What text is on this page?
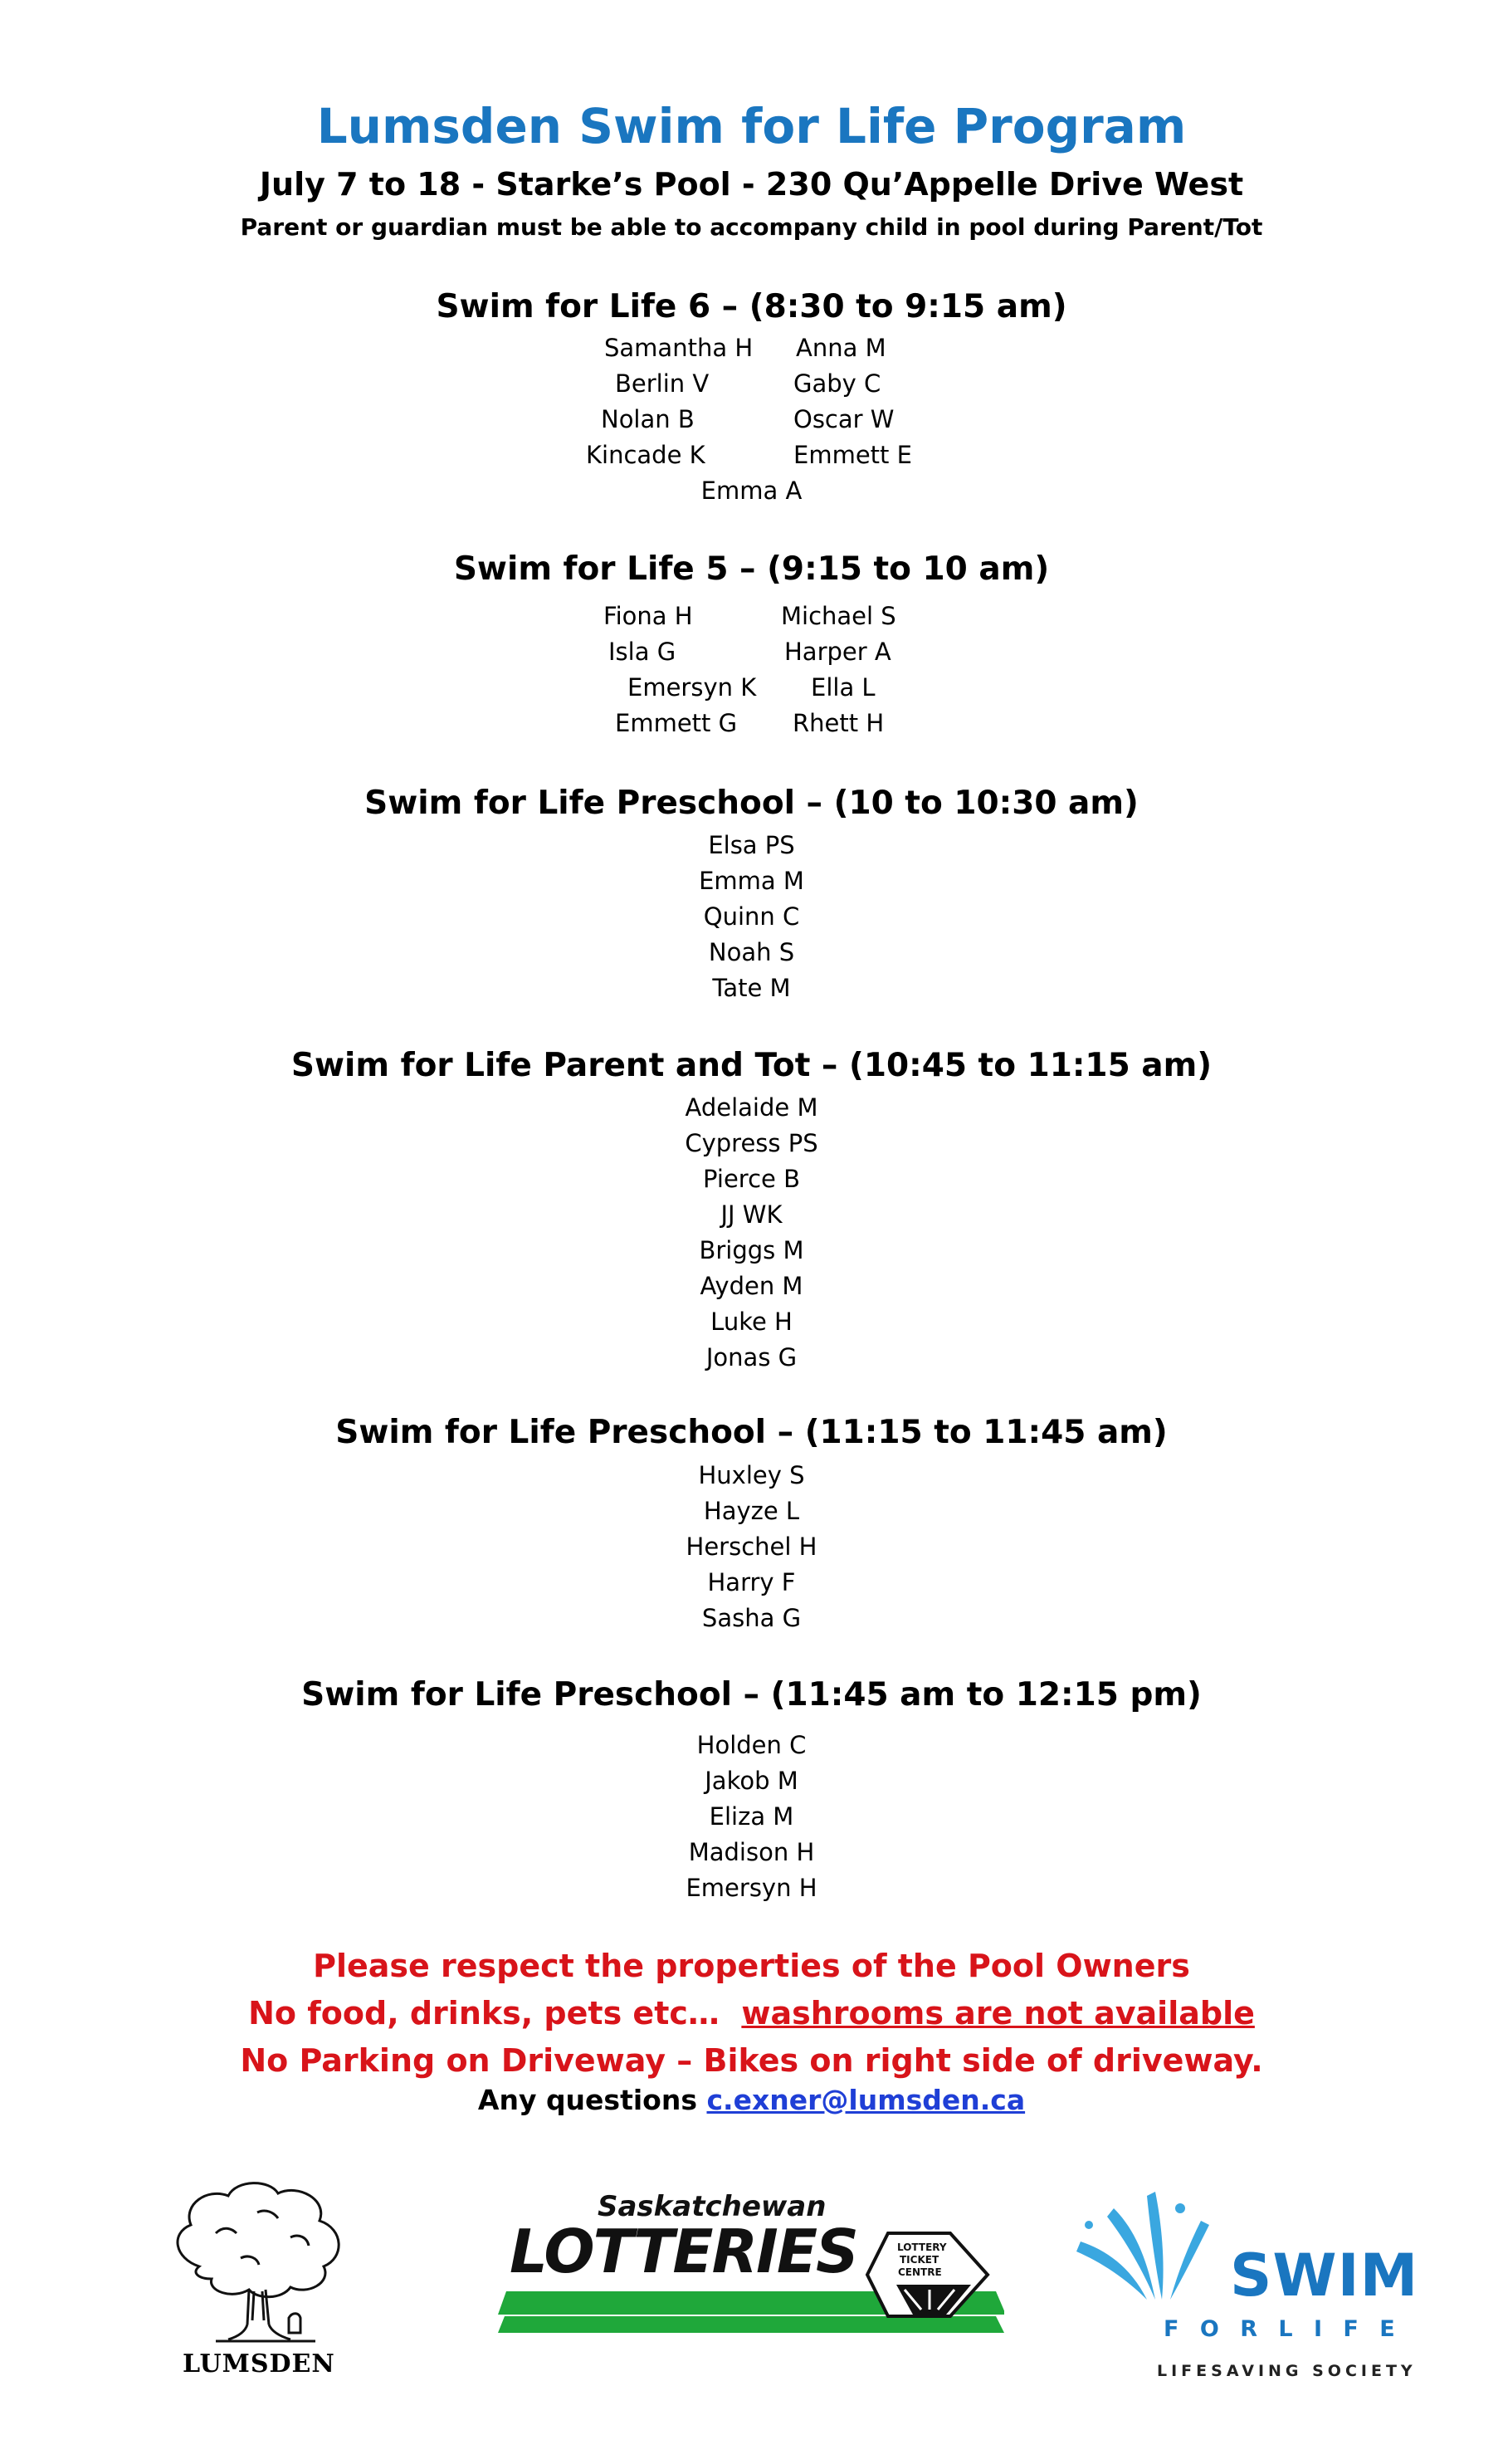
Lumsden Swim for Life Program
July 7 to 18 - Starke’s Pool - 230 Qu’Appelle Drive West
Parent or guardian must be able to accompany child in pool during Parent/Tot
Swim for Life 6 – (8:30 to 9:15 am)
Samantha H
Berlin V
Nolan B
Kincade K
Anna M
Gaby C
Oscar W
Emmett E
Emma A
Swim for Life 5 – (9:15 to 10 am)
Fiona H
Isla G
Emersyn K
Emmett G
Michael S
Harper A
Ella L
Rhett H
Swim for Life Preschool – (10 to 10:30 am)
Elsa PS
Emma M
Quinn C
Noah S
Tate M
Swim for Life Parent and Tot – (10:45 to 11:15 am)
Adelaide M
Cypress PS
Pierce B
JJ WK
Briggs M
Ayden M
Luke H
Jonas G
Swim for Life Preschool – (11:15 to 11:45 am)
Huxley S
Hayze L
Herschel H
Harry F
Sasha G
Swim for Life Preschool – (11:45 am to 12:15 pm)
Holden C
Jakob M
Eliza M
Madison H
Emersyn H
Please respect the properties of the Pool Owners
No food, drinks, pets etc… washrooms are not available
No Parking on Driveway – Bikes on right side of driveway.
Any questions c.exner@lumsden.ca
LUMSDEN
Saskatchewan
LOTTERIES	LOTTERY
TICKET
CENTRE	SWIM
F O R L I F E
LIFESAVING SOCIETY
